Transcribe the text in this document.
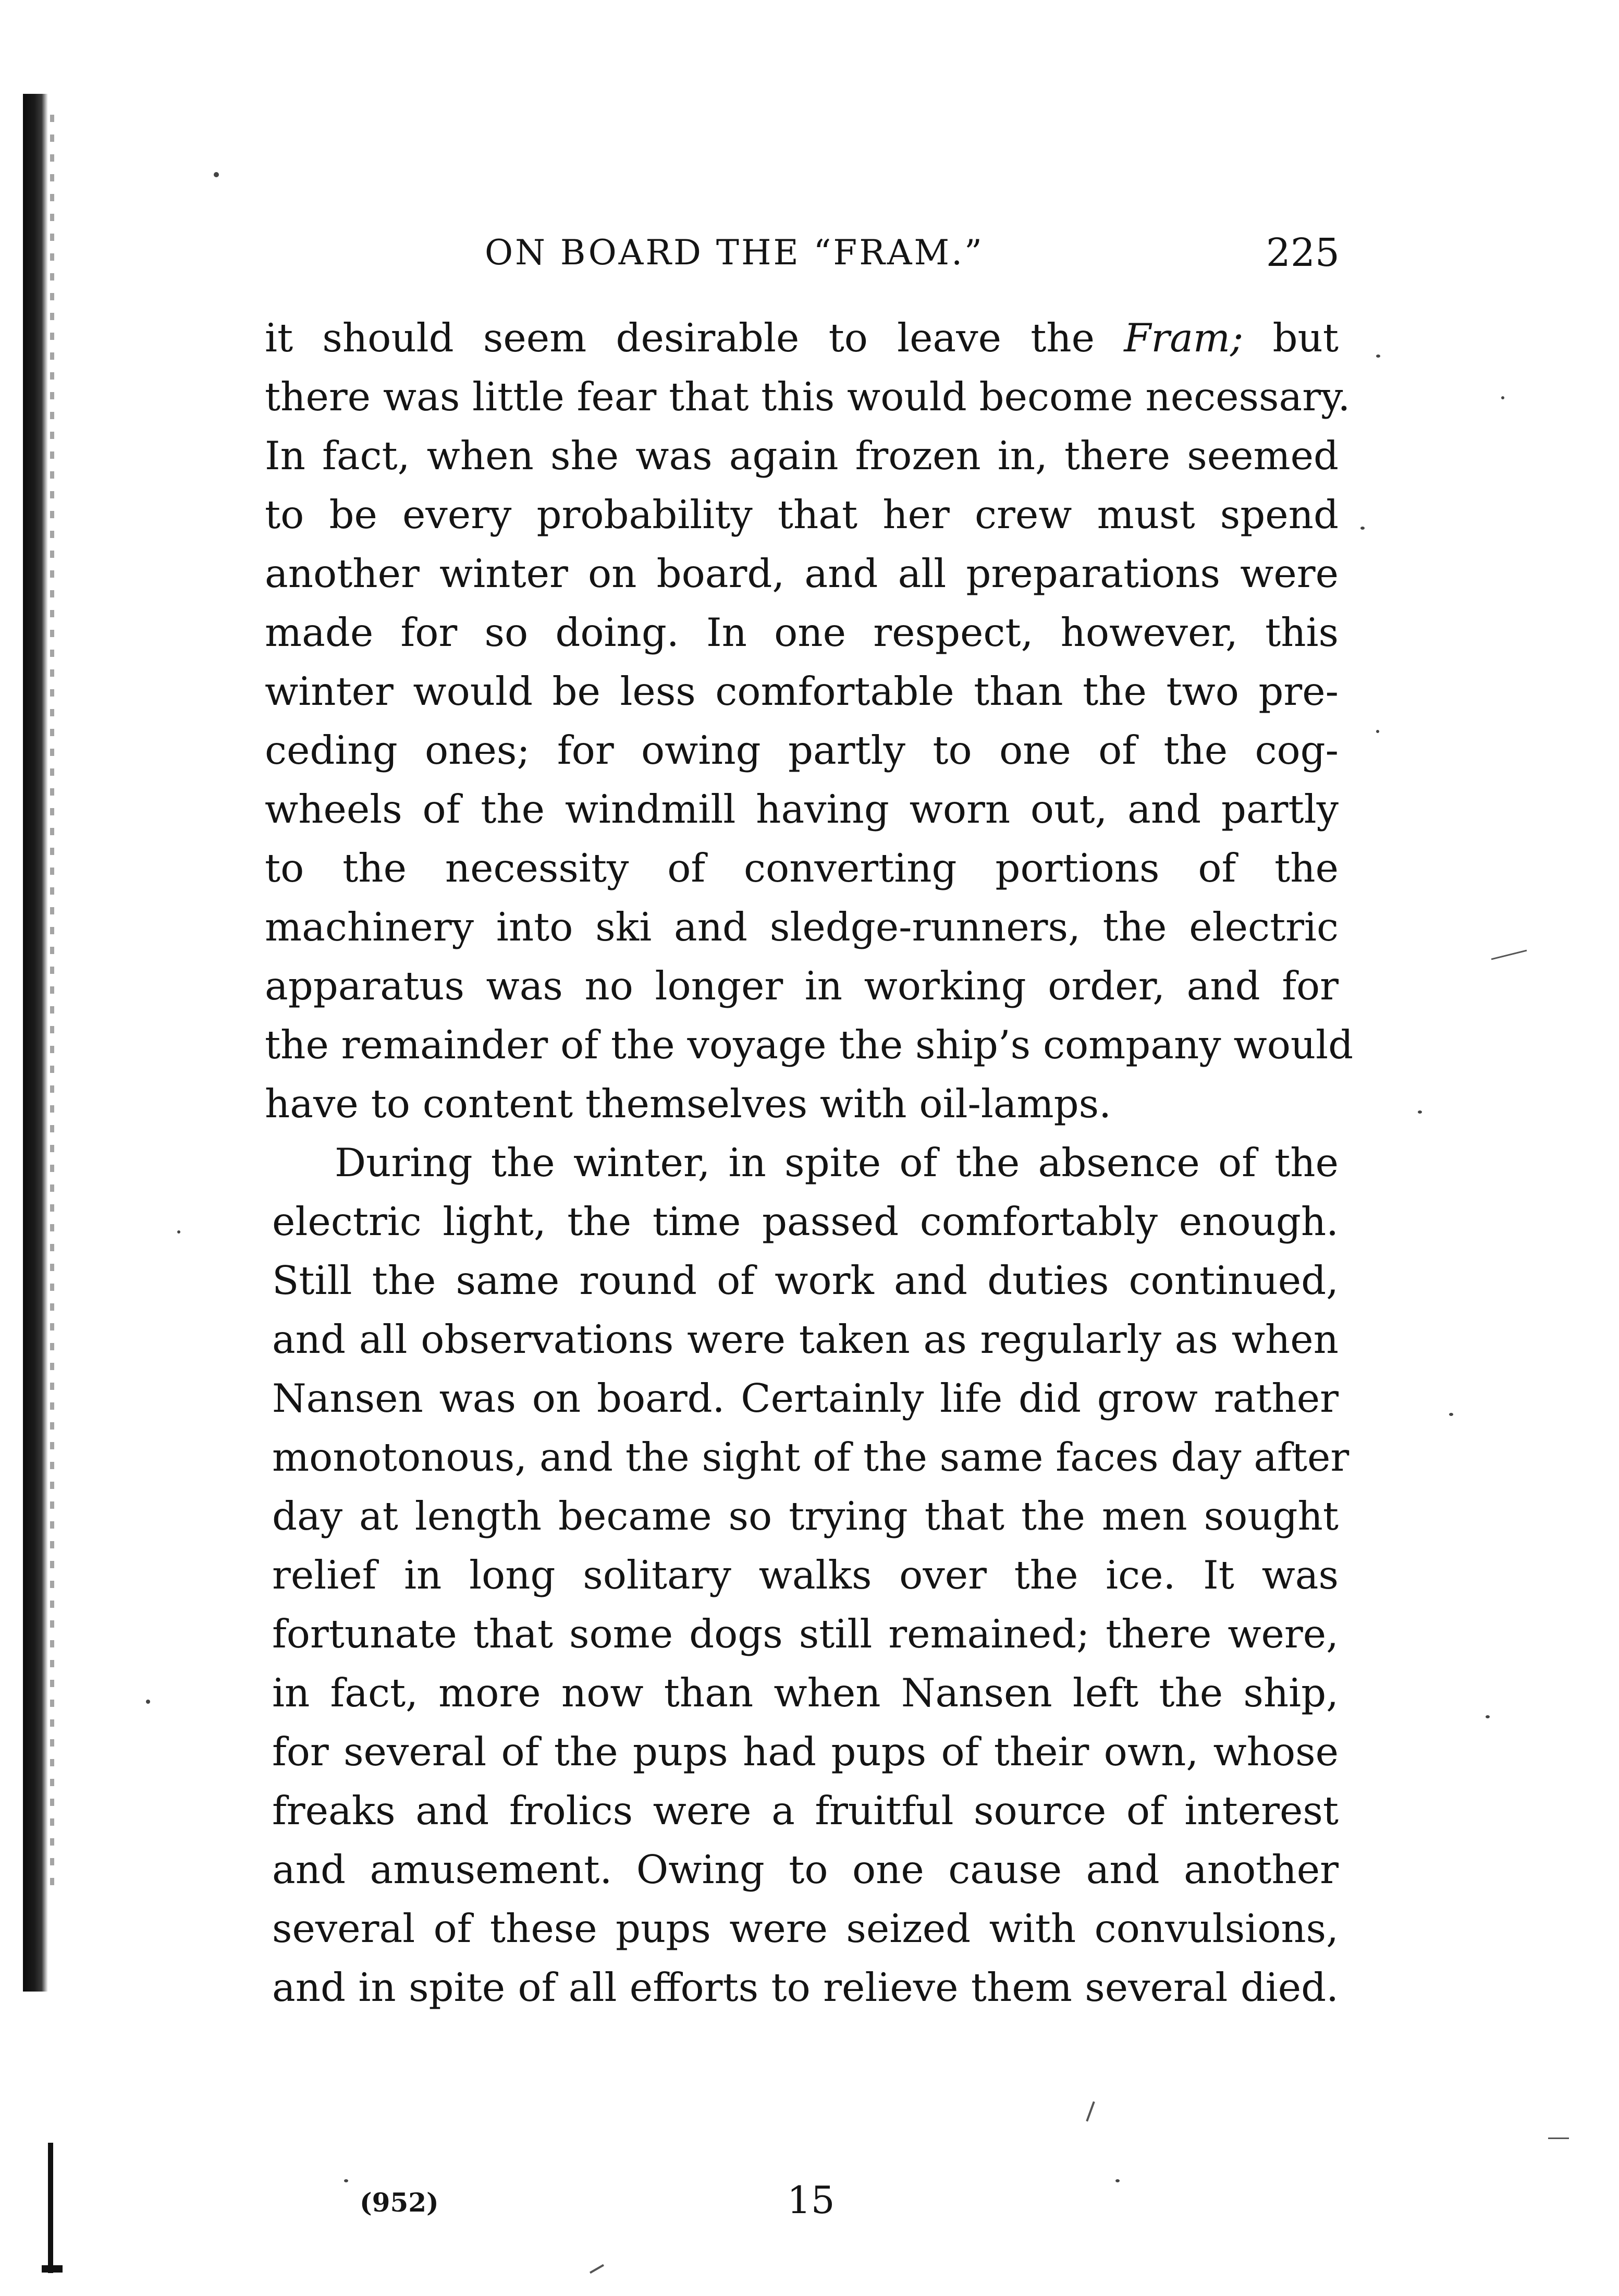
ON BOARD THE “FRAM.”	225
it should seem desirable to leave the Fram; but
there was little fear that this would become necessary.
In fact, when she was again frozen in, there seemed
to be every probability that her crew must spend
another winter on board, and all preparations were
made for so doing. In one respect, however, this
winter would be less comfortable than the two pre-
ceding ones; for owing partly to one of the cog-
wheels of the windmill having worn out, and partly
to the necessity of converting portions of the
machinery into ski and sledge-runners, the electric
apparatus was no longer in working order, and for
the remainder of the voyage the ship’s company would
have to content themselves with oil-lamps.
During the winter, in spite of the absence of the
electric light, the time passed comfortably enough.
Still the same round of work and duties continued,
and all observations were taken as regularly as when
Nansen was on board. Certainly life did grow rather
monotonous, and the sight of the same faces day after
day at length became so trying that the men sought
relief in long solitary walks over the ice. It was
fortunate that some dogs still remained; there were,
in fact, more now than when Nansen left the ship,
for several of the pups had pups of their own, whose
freaks and frolics were a fruitful source of interest
and amusement. Owing to one cause and another
several of these pups were seized with convulsions,
and in spite of all efforts to relieve them several died.
(952)	15
